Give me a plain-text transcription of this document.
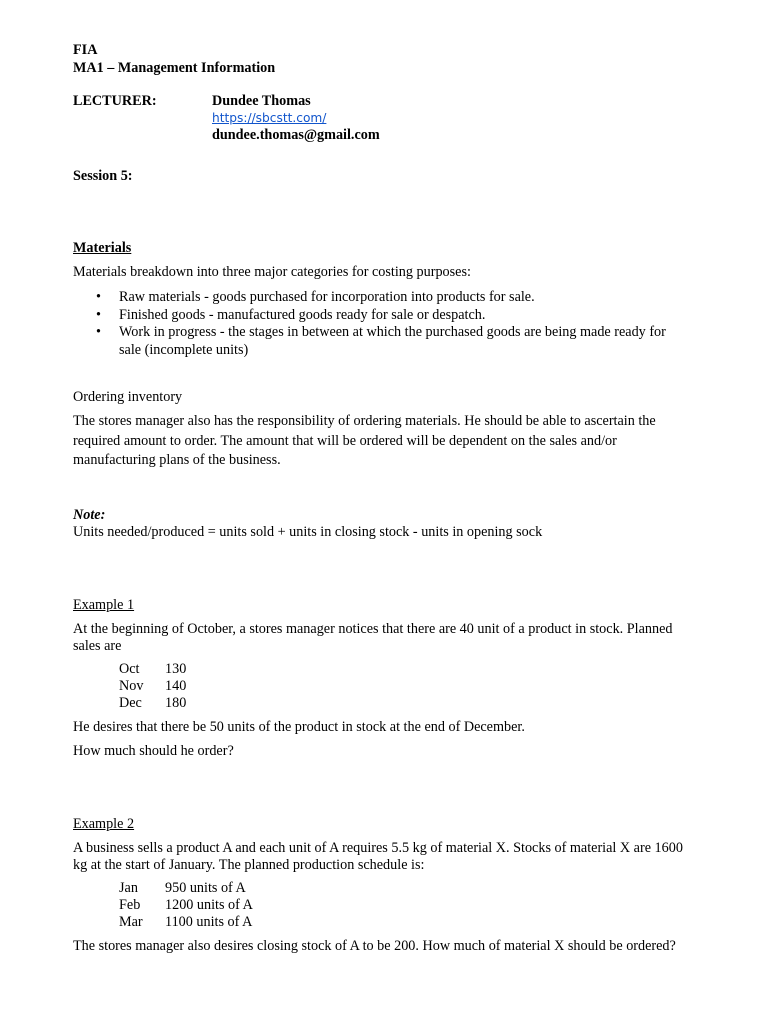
FIA
MA1 – Management Information
LECTURER:	Dundee Thomas
https://sbcstt.com/
dundee.thomas@gmail.com
Session 5:
Materials
Materials breakdown into three major categories for costing purposes:
• Raw materials - goods purchased for incorporation into products for sale.
• Finished goods - manufactured goods ready for sale or despatch.
• Work in progress - the stages in between at which the purchased goods are being made ready for sale (incomplete units)
Ordering inventory
The stores manager also has the responsibility of ordering materials. He should be able to ascertain the required amount to order. The amount that will be ordered will be dependent on the sales and/or manufacturing plans of the business.
Note:
Units needed/produced = units sold + units in closing stock - units in opening sock
Example 1
At the beginning of October, a stores manager notices that there are 40 unit of a product in stock. Planned sales are
Oct	130
Nov	140
Dec	180
He desires that there be 50 units of the product in stock at the end of December.
How much should he order?
Example 2
A business sells a product A and each unit of A requires 5.5 kg of material X. Stocks of material X are 1600 kg at the start of January. The planned production schedule is:
Jan	950 units of A
Feb	1200 units of A
Mar	1100 units of A
The stores manager also desires closing stock of A to be 200. How much of material X should be ordered?
